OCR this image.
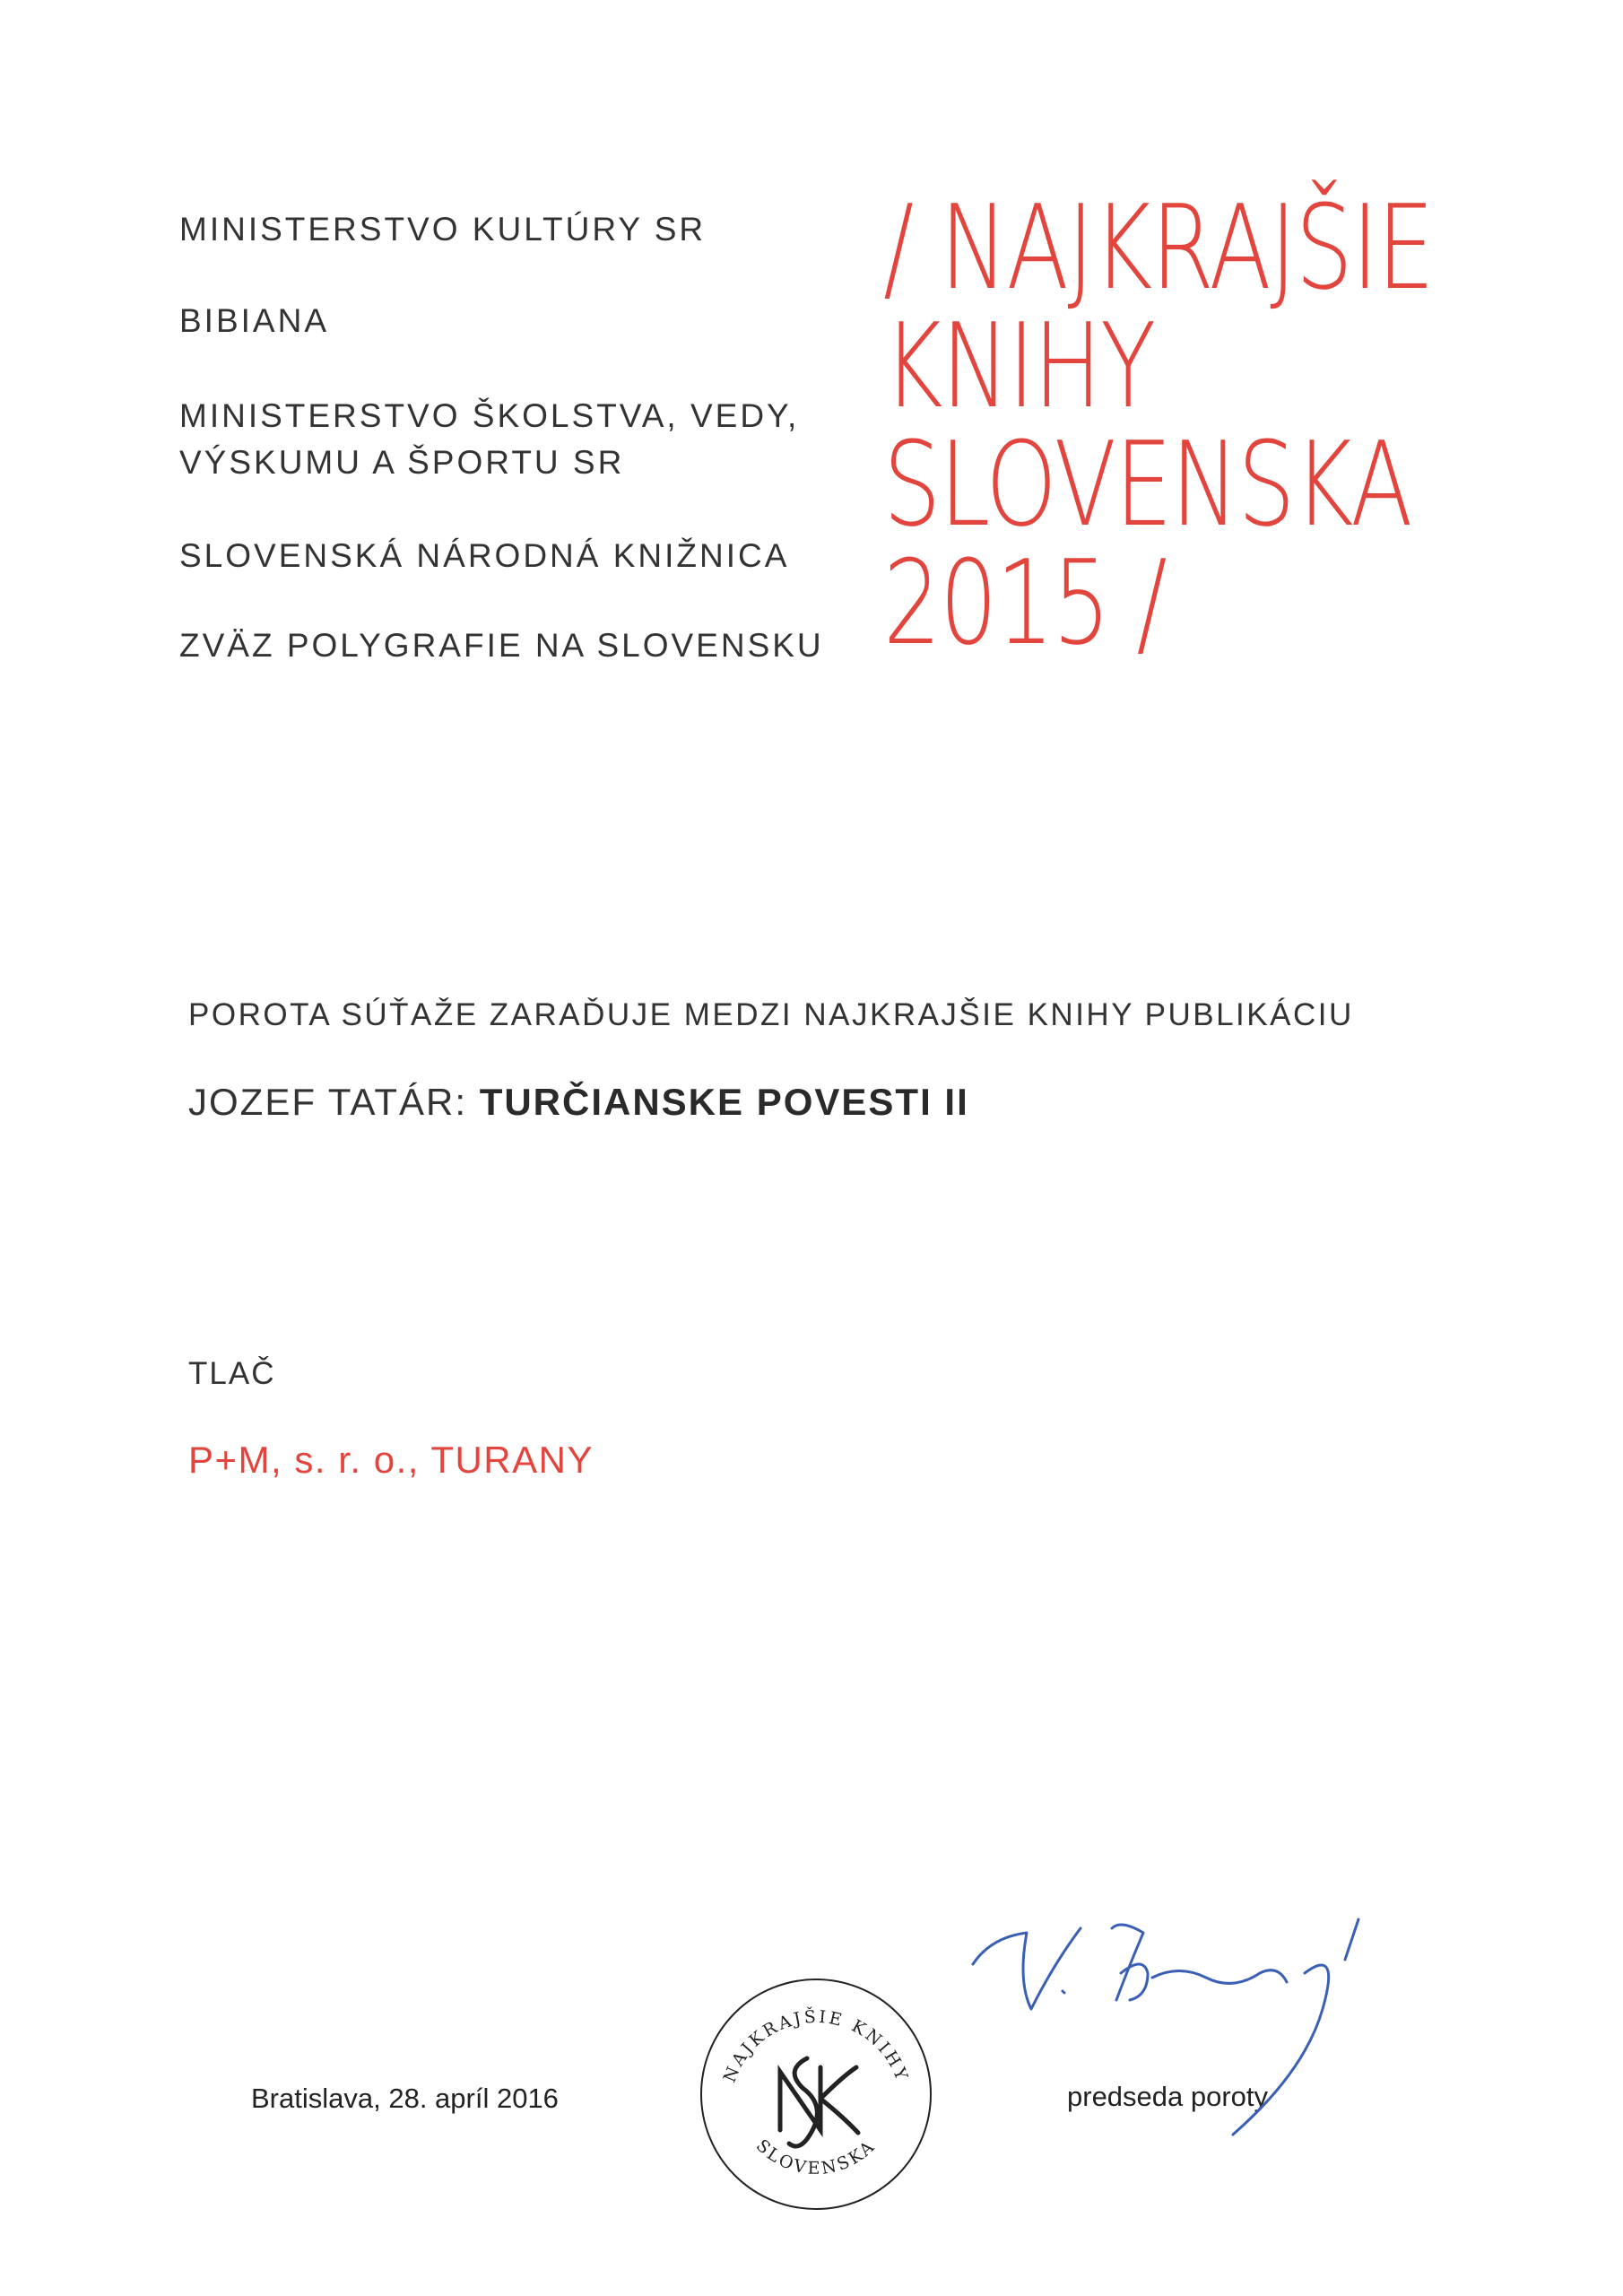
MINISTERSTVO KULTÚRY SR
BIBIANA
MINISTERSTVO ŠKOLSTVA, VEDY,
VÝSKUMU A ŠPORTU SR
SLOVENSKÁ NÁRODNÁ KNIŽNICA
ZVÄZ POLYGRAFIE NA SLOVENSKU
/ NAJKRAJŠIE
KNIHY
SLOVENSKA
2015 /
POROTA SÚŤAŽE ZARAĎUJE MEDZI NAJKRAJŠIE KNIHY PUBLIKÁCIU
JOZEF TATÁR: TURČIANSKE POVESTI II
TLAČ
P+M, s. r. o., TURANY
Bratislava, 28. apríl 2016
NAJKRAJŠIE KNIHY
SLOVENSKA
predseda poroty
